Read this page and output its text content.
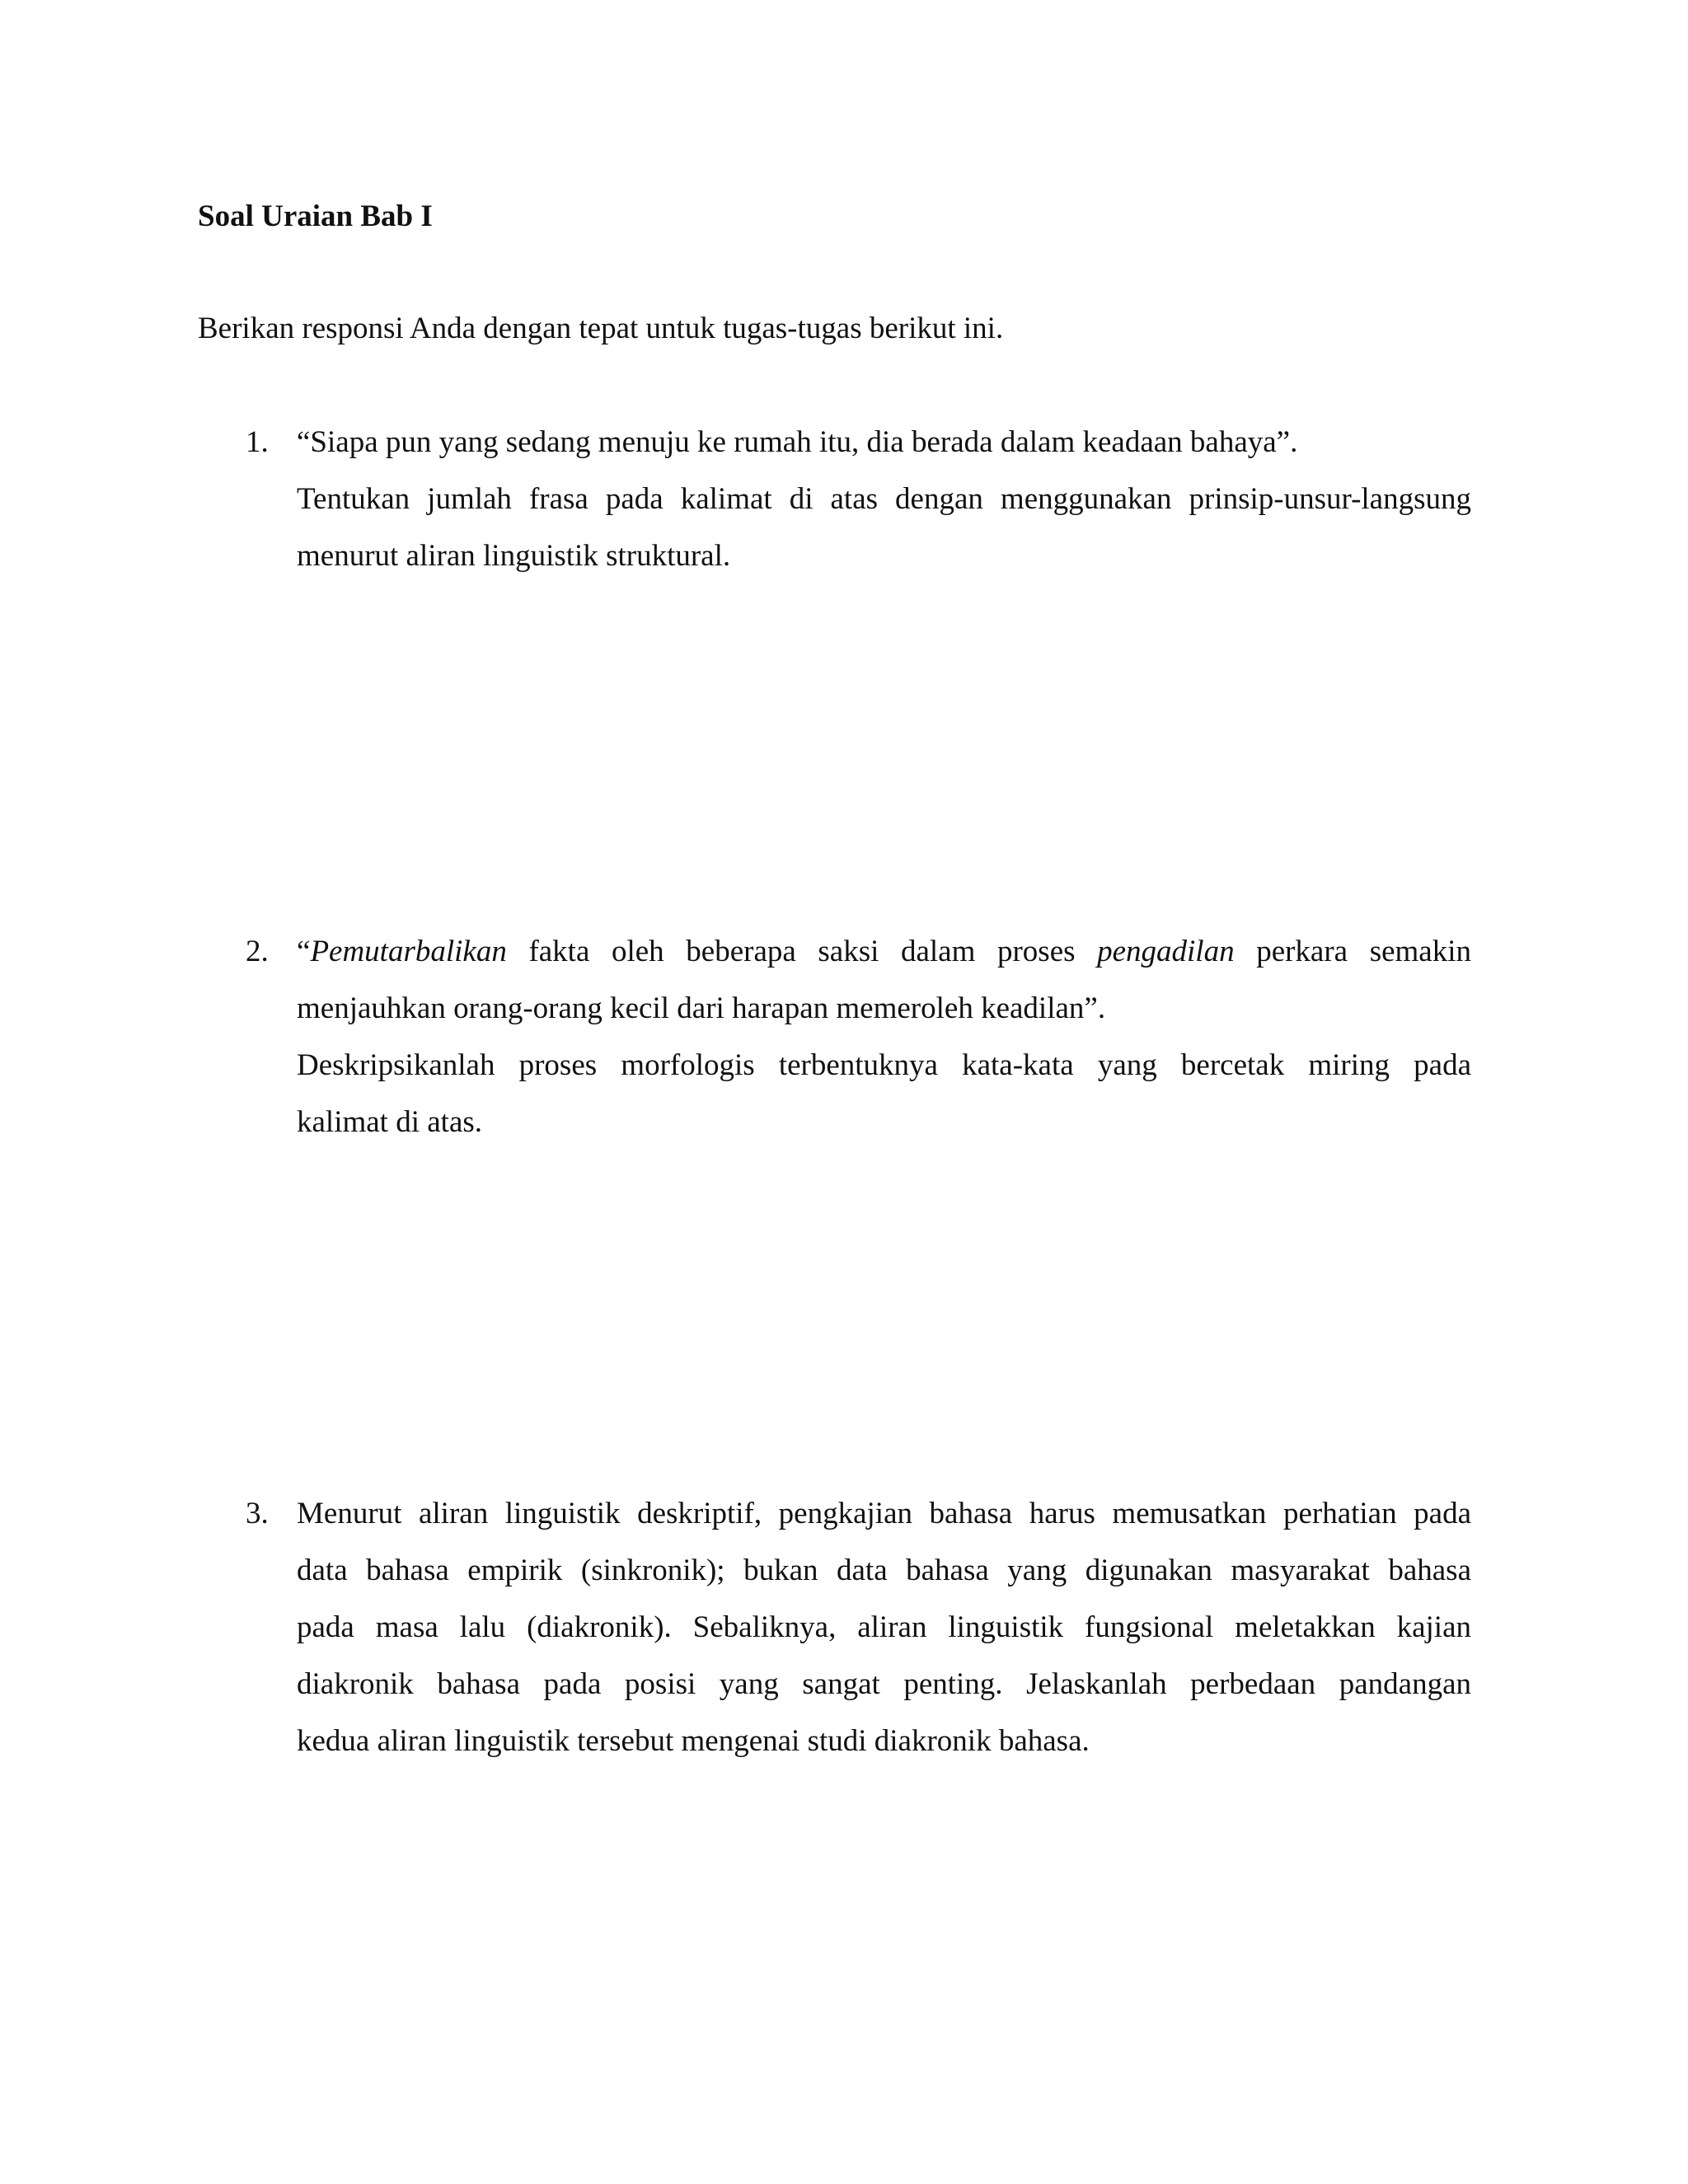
Soal Uraian Bab I
Berikan responsi Anda dengan tepat untuk tugas-tugas berikut ini.
1. “Siapa pun yang sedang menuju ke rumah itu, dia berada dalam keadaan bahaya”.
Tentukan jumlah frasa pada kalimat di atas dengan menggunakan prinsip-unsur-langsung
menurut aliran linguistik struktural.
2. “Pemutarbalikan fakta oleh beberapa saksi dalam proses pengadilan perkara semakin
menjauhkan orang-orang kecil dari harapan memeroleh keadilan”.
Deskripsikanlah proses morfologis terbentuknya kata-kata yang bercetak miring pada
kalimat di atas.
3. Menurut aliran linguistik deskriptif, pengkajian bahasa harus memusatkan perhatian pada
data bahasa empirik (sinkronik); bukan data bahasa yang digunakan masyarakat bahasa
pada masa lalu (diakronik). Sebaliknya, aliran linguistik fungsional meletakkan kajian
diakronik bahasa pada posisi yang sangat penting. Jelaskanlah perbedaan pandangan
kedua aliran linguistik tersebut mengenai studi diakronik bahasa.
